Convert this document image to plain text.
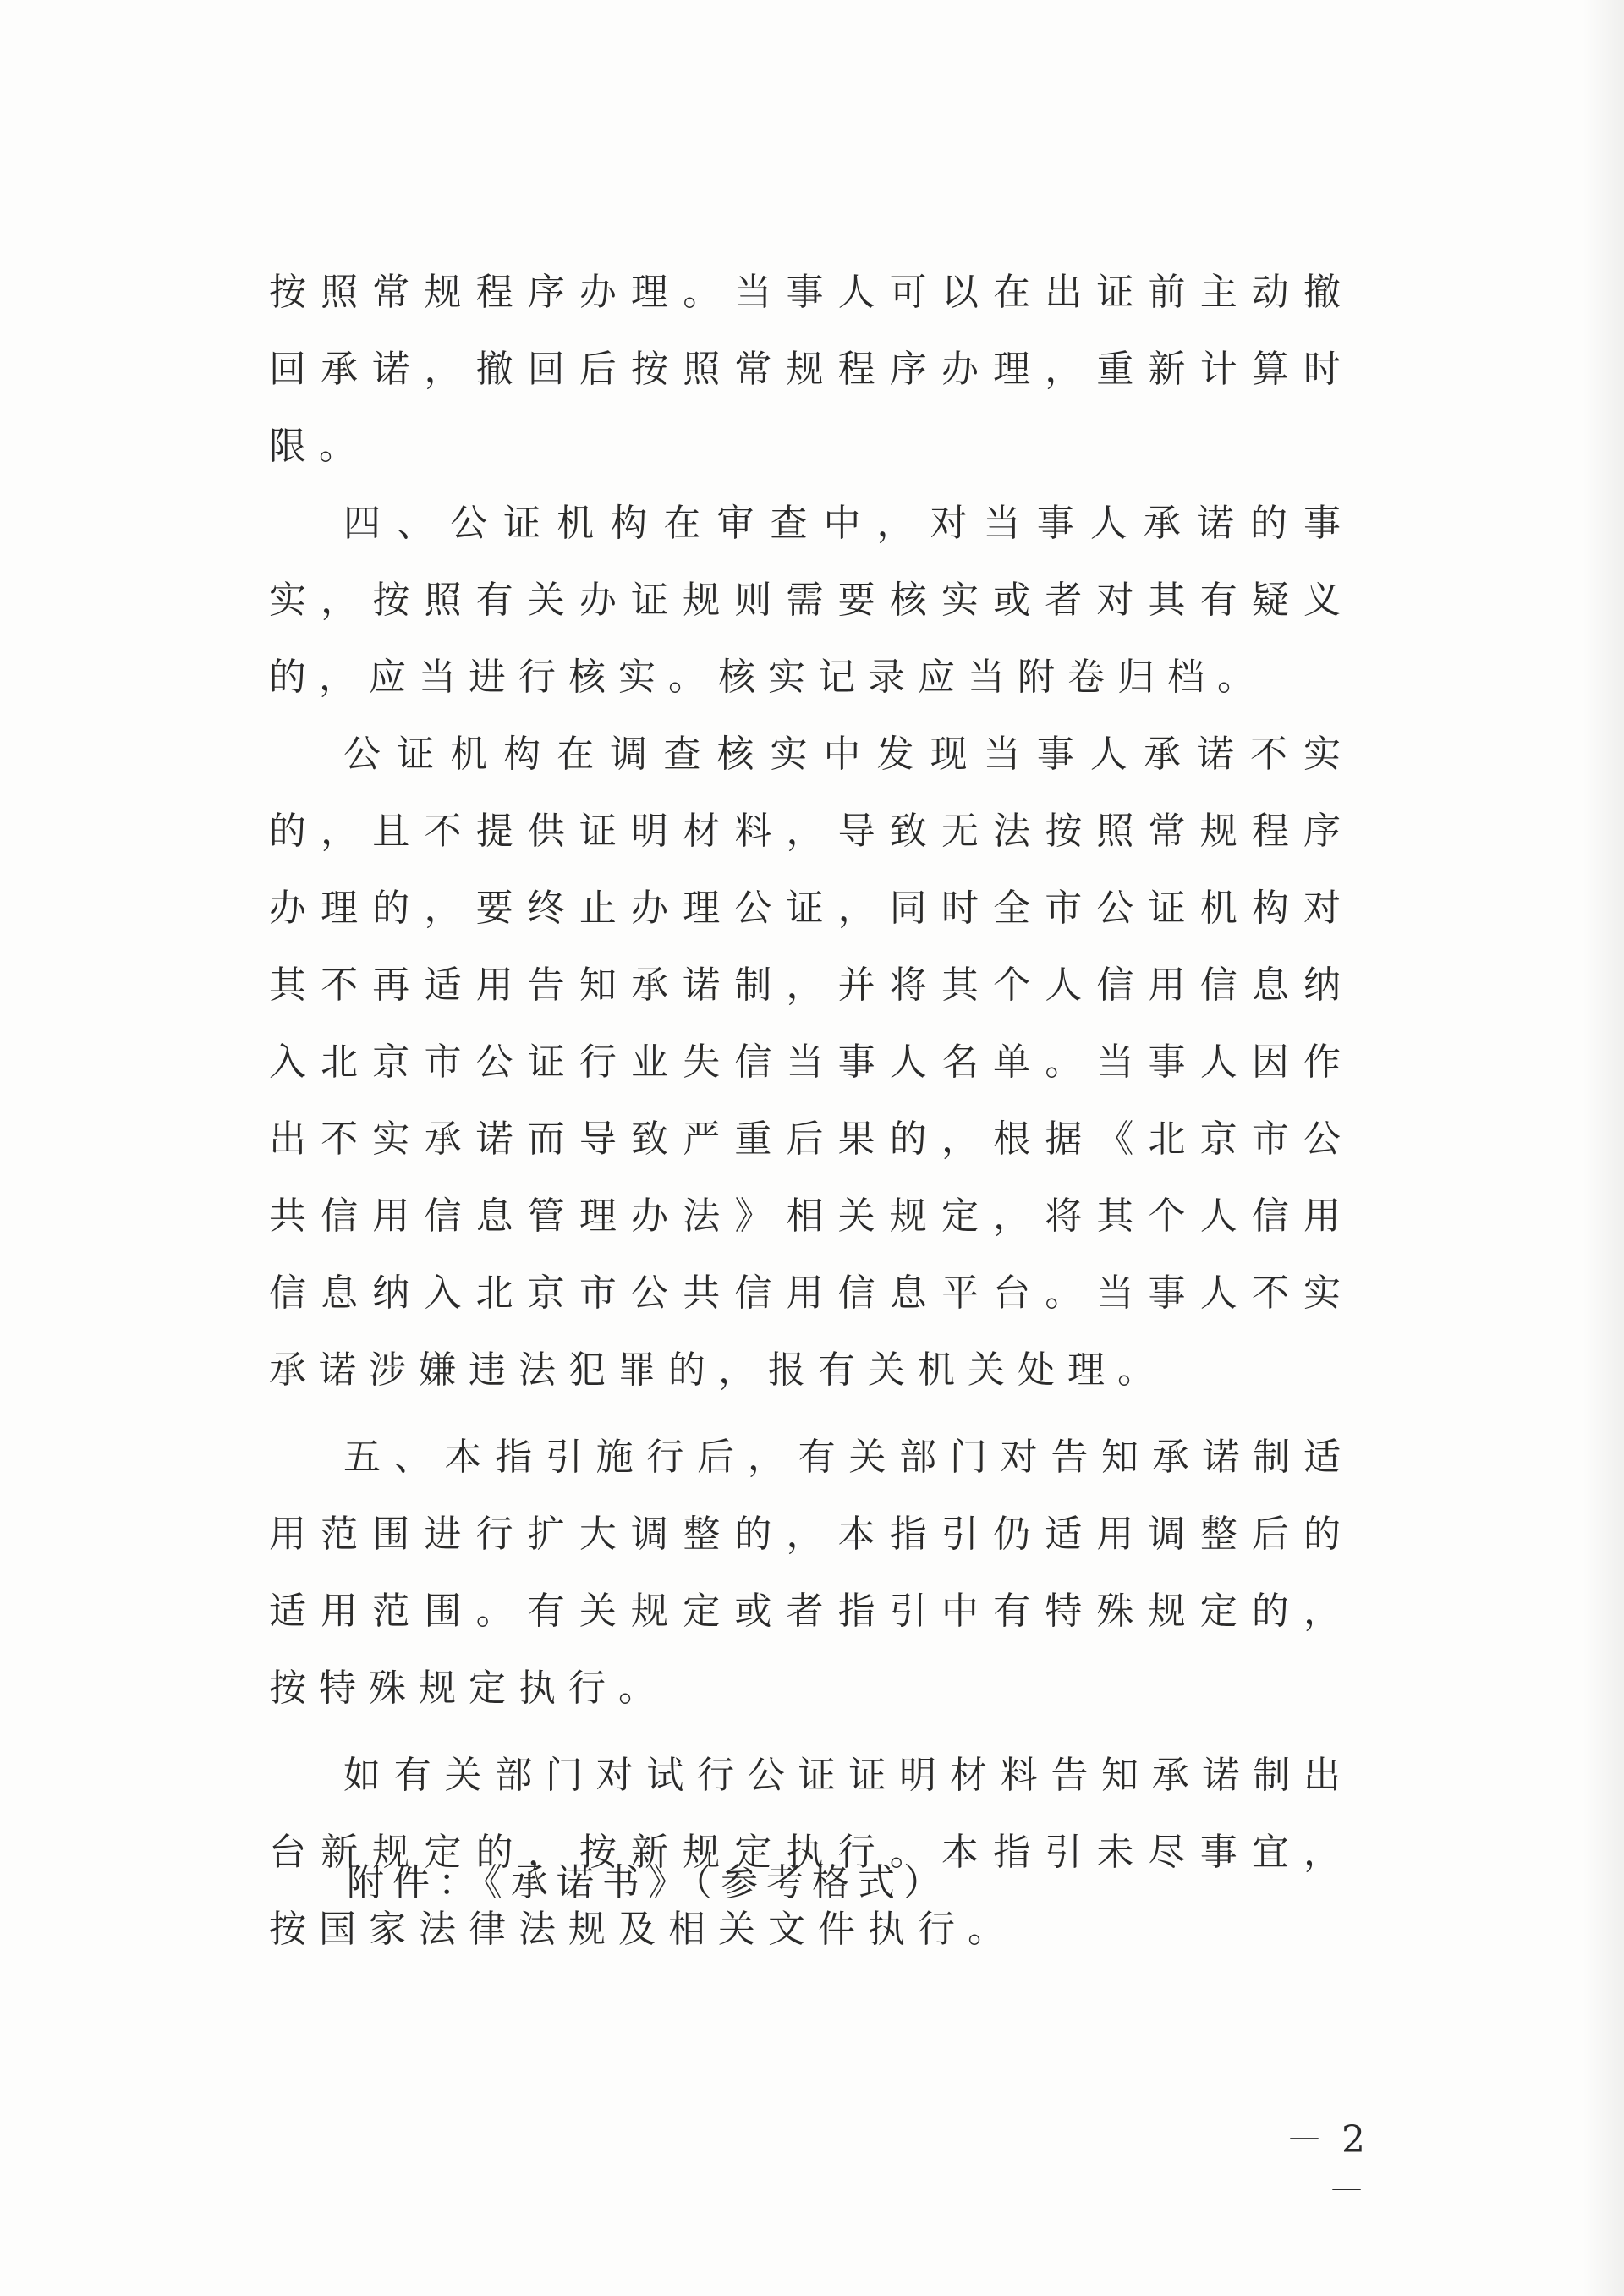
按照常规程序办理。当事人可以在出证前主动撤回承诺，撤回后按照常规程序办理，重新计算时限。

四、公证机构在审查中，对当事人承诺的事实，按照有关办证规则需要核实或者对其有疑义的，应当进行核实。核实记录应当附卷归档。

公证机构在调查核实中发现当事人承诺不实的，且不提供证明材料，导致无法按照常规程序办理的，要终止办理公证，同时全市公证机构对其不再适用告知承诺制，并将其个人信用信息纳入北京市公证行业失信当事人名单。当事人因作出不实承诺而导致严重后果的，根据《北京市公共信用信息管理办法》相关规定，将其个人信用信息纳入北京市公共信用信息平台。当事人不实承诺涉嫌违法犯罪的，报有关机关处理。

五、本指引施行后，有关部门对告知承诺制适用范围进行扩大调整的，本指引仍适用调整后的适用范围。有关规定或者指引中有特殊规定的，按特殊规定执行。

如有关部门对试行公证证明材料告知承诺制出台新规定的，按新规定执行。本指引未尽事宜，按国家法律法规及相关文件执行。

附件：《承诺书》（参考格式）
－ 2 －
